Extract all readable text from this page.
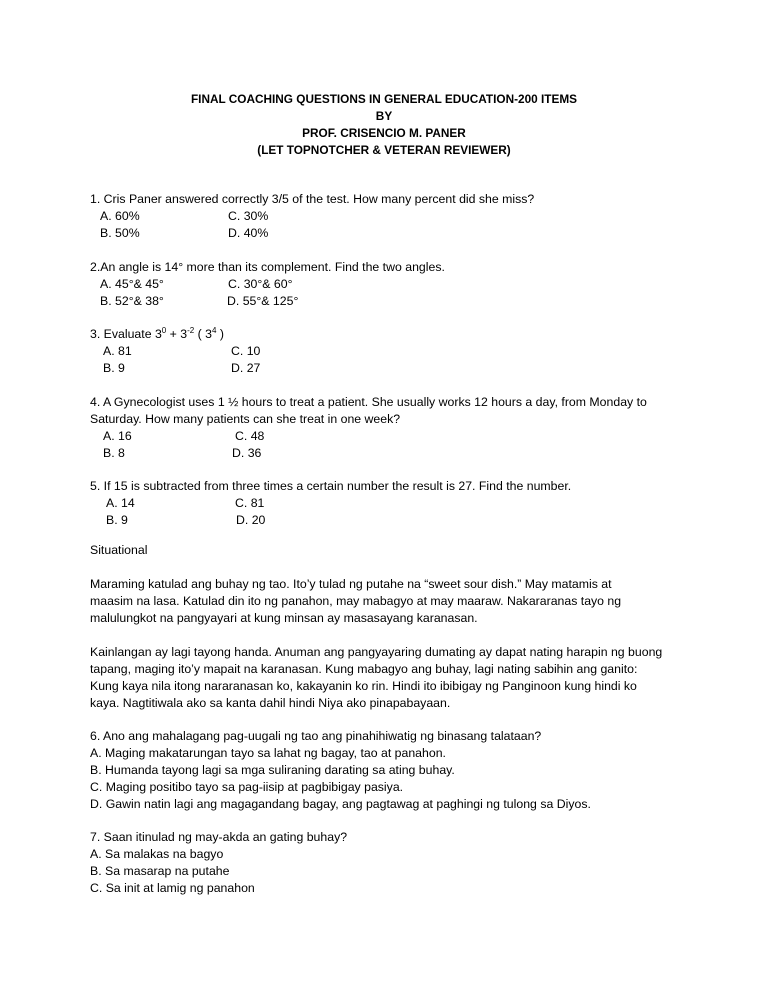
FINAL COACHING QUESTIONS IN GENERAL EDUCATION-200 ITEMS
BY
PROF. CRISENCIO M. PANER
(LET TOPNOTCHER & VETERAN REVIEWER)
1. Cris Paner answered correctly 3/5 of the test. How many percent did she miss?
A. 60%	C. 30%
B. 50%	D. 40%
2.An angle is 14° more than its complement. Find the two angles.
A. 45°& 45°	C. 30°& 60°
B. 52°& 38°	D. 55°& 125°
3. Evaluate $3^0 + 3^{-2}$ ( $3^4$ )
A. 81	C. 10
B. 9	D. 27
4. A Gynecologist uses 1 ½ hours to treat a patient. She usually works 12 hours a day, from Monday to
Saturday. How many patients can she treat in one week?
A. 16	C. 48
B. 8	D. 36
5. If 15 is subtracted from three times a certain number the result is 27. Find the number.
A. 14	C. 81
B. 9	D. 20
Situational
Maraming katulad ang buhay ng tao. Ito’y tulad ng putahe na “sweet sour dish.” May matamis at
maasim na lasa. Katulad din ito ng panahon, may mabagyo at may maaraw. Nakararanas tayo ng
malulungkot na pangyayari at kung minsan ay masasayang karanasan.
Kainlangan ay lagi tayong handa. Anuman ang pangyayaring dumating ay dapat nating harapin ng buong
tapang, maging ito’y mapait na karanasan. Kung mabagyo ang buhay, lagi nating sabihin ang ganito:
Kung kaya nila itong nararanasan ko, kakayanin ko rin. Hindi ito ibibigay ng Panginoon kung hindi ko
kaya. Nagtitiwala ako sa kanta dahil hindi Niya ako pinapabayaan.
6. Ano ang mahalagang pag-uugali ng tao ang pinahihiwatig ng binasang talataan?
A. Maging makatarungan tayo sa lahat ng bagay, tao at panahon.
B. Humanda tayong lagi sa mga suliraning darating sa ating buhay.
C. Maging positibo tayo sa pag-iisip at pagbibigay pasiya.
D. Gawin natin lagi ang magagandang bagay, ang pagtawag at paghingi ng tulong sa Diyos.
7. Saan itinulad ng may-akda an gating buhay?
A. Sa malakas na bagyo
B. Sa masarap na putahe
C. Sa init at lamig ng panahon
